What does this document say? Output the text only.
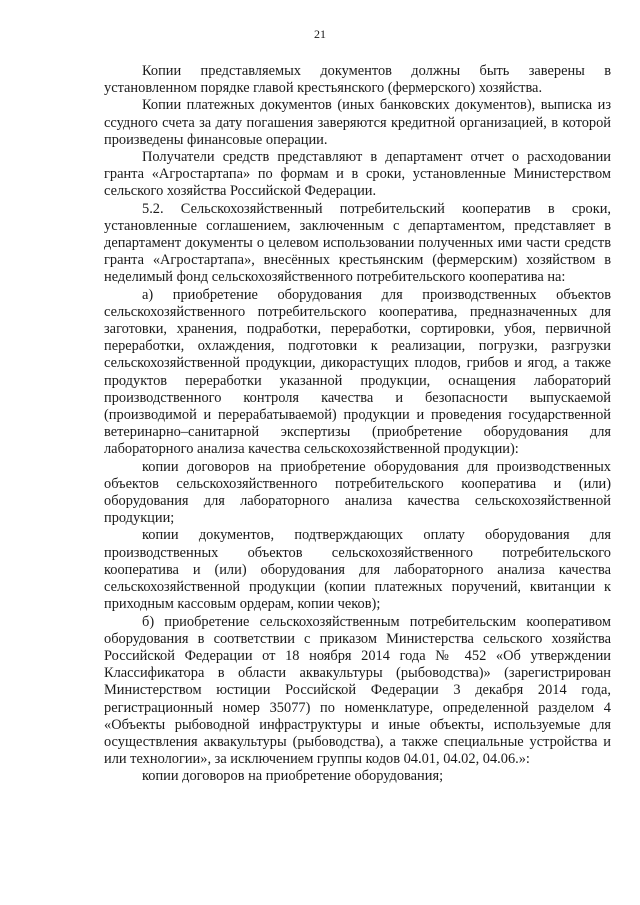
21

Копии представляемых документов должны быть заверены в установленном порядке главой крестьянского (фермерского) хозяйства.

Копии платежных документов (иных банковских документов), выписка из ссудного счета за дату погашения заверяются кредитной организацией, в которой произведены финансовые операции.

Получатели средств представляют в департамент отчет о расходовании гранта «Агростартапа» по формам и в сроки, установленные Министерством сельского хозяйства Российской Федерации.

5.2. Сельскохозяйственный потребительский кооператив в сроки, установленные соглашением, заключенным с департаментом, представляет в департамент документы о целевом использовании полученных ими части средств гранта «Агростартапа», внесённых крестьянским (фермерским) хозяйством в неделимый фонд сельскохозяйственного потребительского кооператива на:

а) приобретение оборудования для производственных объектов сельскохозяйственного потребительского кооператива, предназначенных для заготовки, хранения, подработки, переработки, сортировки, убоя, первичной переработки, охлаждения, подготовки к реализации, погрузки, разгрузки сельскохозяйственной продукции, дикорастущих плодов, грибов и ягод, а также продуктов переработки указанной продукции, оснащения лабораторий производственного контроля качества и безопасности выпускаемой (производимой и перерабатываемой) продукции и проведения государственной ветеринарно–санитарной экспертизы (приобретение оборудования для лабораторного анализа качества сельскохозяйственной продукции):

копии договоров на приобретение оборудования для производственных объектов сельскохозяйственного потребительского кооператива и (или) оборудования для лабораторного анализа качества сельскохозяйственной продукции;

копии документов, подтверждающих оплату оборудования для производственных объектов сельскохозяйственного потребительского кооператива и (или) оборудования для лабораторного анализа качества сельскохозяйственной продукции (копии платежных поручений, квитанции к приходным кассовым ордерам, копии чеков);

б) приобретение сельскохозяйственным потребительским кооперативом оборудования в соответствии с приказом Министерства сельского хозяйства Российской Федерации от 18 ноября 2014 года № 452 «Об утверждении Классификатора в области аквакультуры (рыбоводства)» (зарегистрирован Министерством юстиции Российской Федерации 3 декабря 2014 года, регистрационный номер 35077) по номенклатуре, определенной разделом 4 «Объекты рыбоводной инфраструктуры и иные объекты, используемые для осуществления аквакультуры (рыбоводства), а также специальные устройства и или технологии», за исключением группы кодов 04.01, 04.02, 04.06.»:

копии договоров на приобретение оборудования;
